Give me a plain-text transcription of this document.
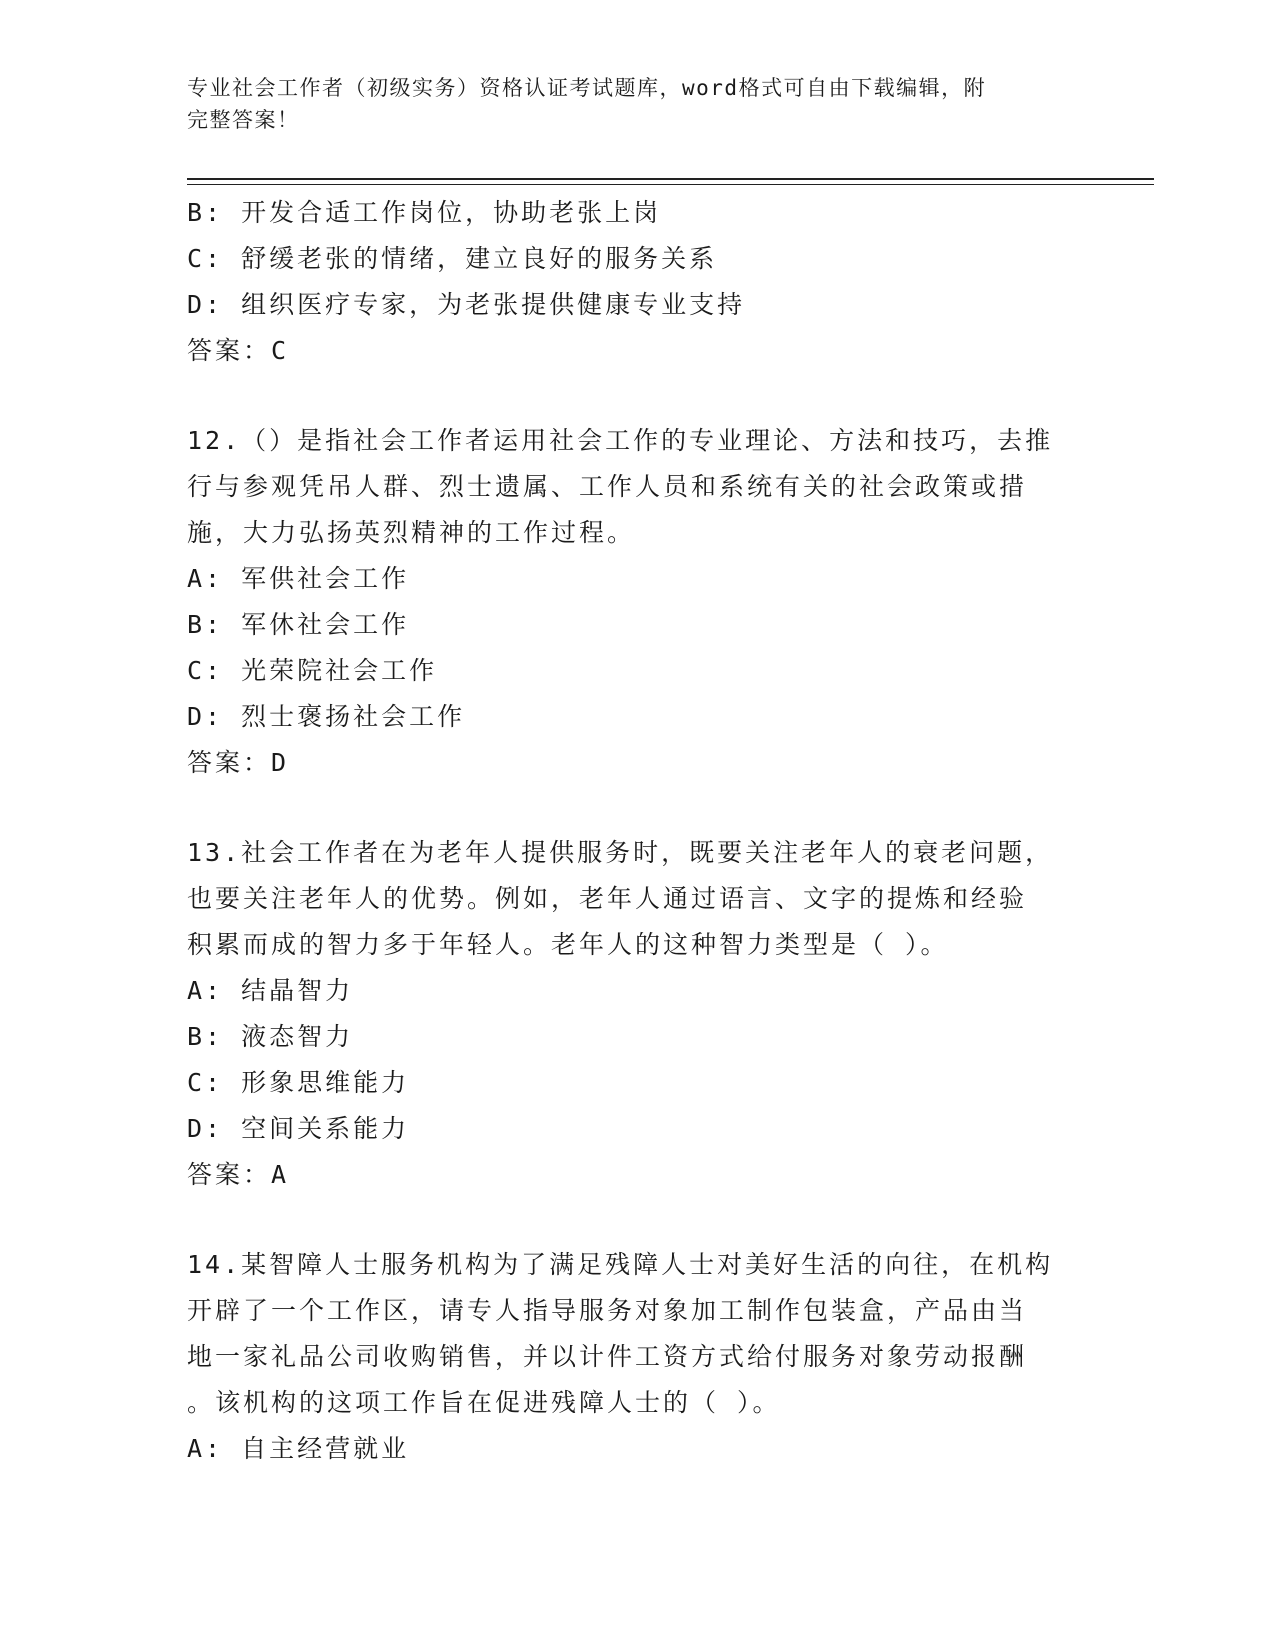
专业社会工作者（初级实务）资格认证考试题库，word格式可自由下载编辑，附
完整答案！
B: 开发合适工作岗位，协助老张上岗
C: 舒缓老张的情绪，建立良好的服务关系
D: 组织医疗专家，为老张提供健康专业支持
答案：C
12.（）是指社会工作者运用社会工作的专业理论、方法和技巧，去推
行与参观凭吊人群、烈士遗属、工作人员和系统有关的社会政策或措
施，大力弘扬英烈精神的工作过程。
A: 军供社会工作
B: 军休社会工作
C: 光荣院社会工作
D: 烈士褒扬社会工作
答案：D
13.社会工作者在为老年人提供服务时，既要关注老年人的衰老问题，
也要关注老年人的优势。例如，老年人通过语言、文字的提炼和经验
积累而成的智力多于年轻人。老年人的这种智力类型是（ ）。
A: 结晶智力
B: 液态智力
C: 形象思维能力
D: 空间关系能力
答案：A
14.某智障人士服务机构为了满足残障人士对美好生活的向往，在机构
开辟了一个工作区，请专人指导服务对象加工制作包装盒，产品由当
地一家礼品公司收购销售，并以计件工资方式给付服务对象劳动报酬
。该机构的这项工作旨在促进残障人士的（ ）。
A: 自主经营就业
